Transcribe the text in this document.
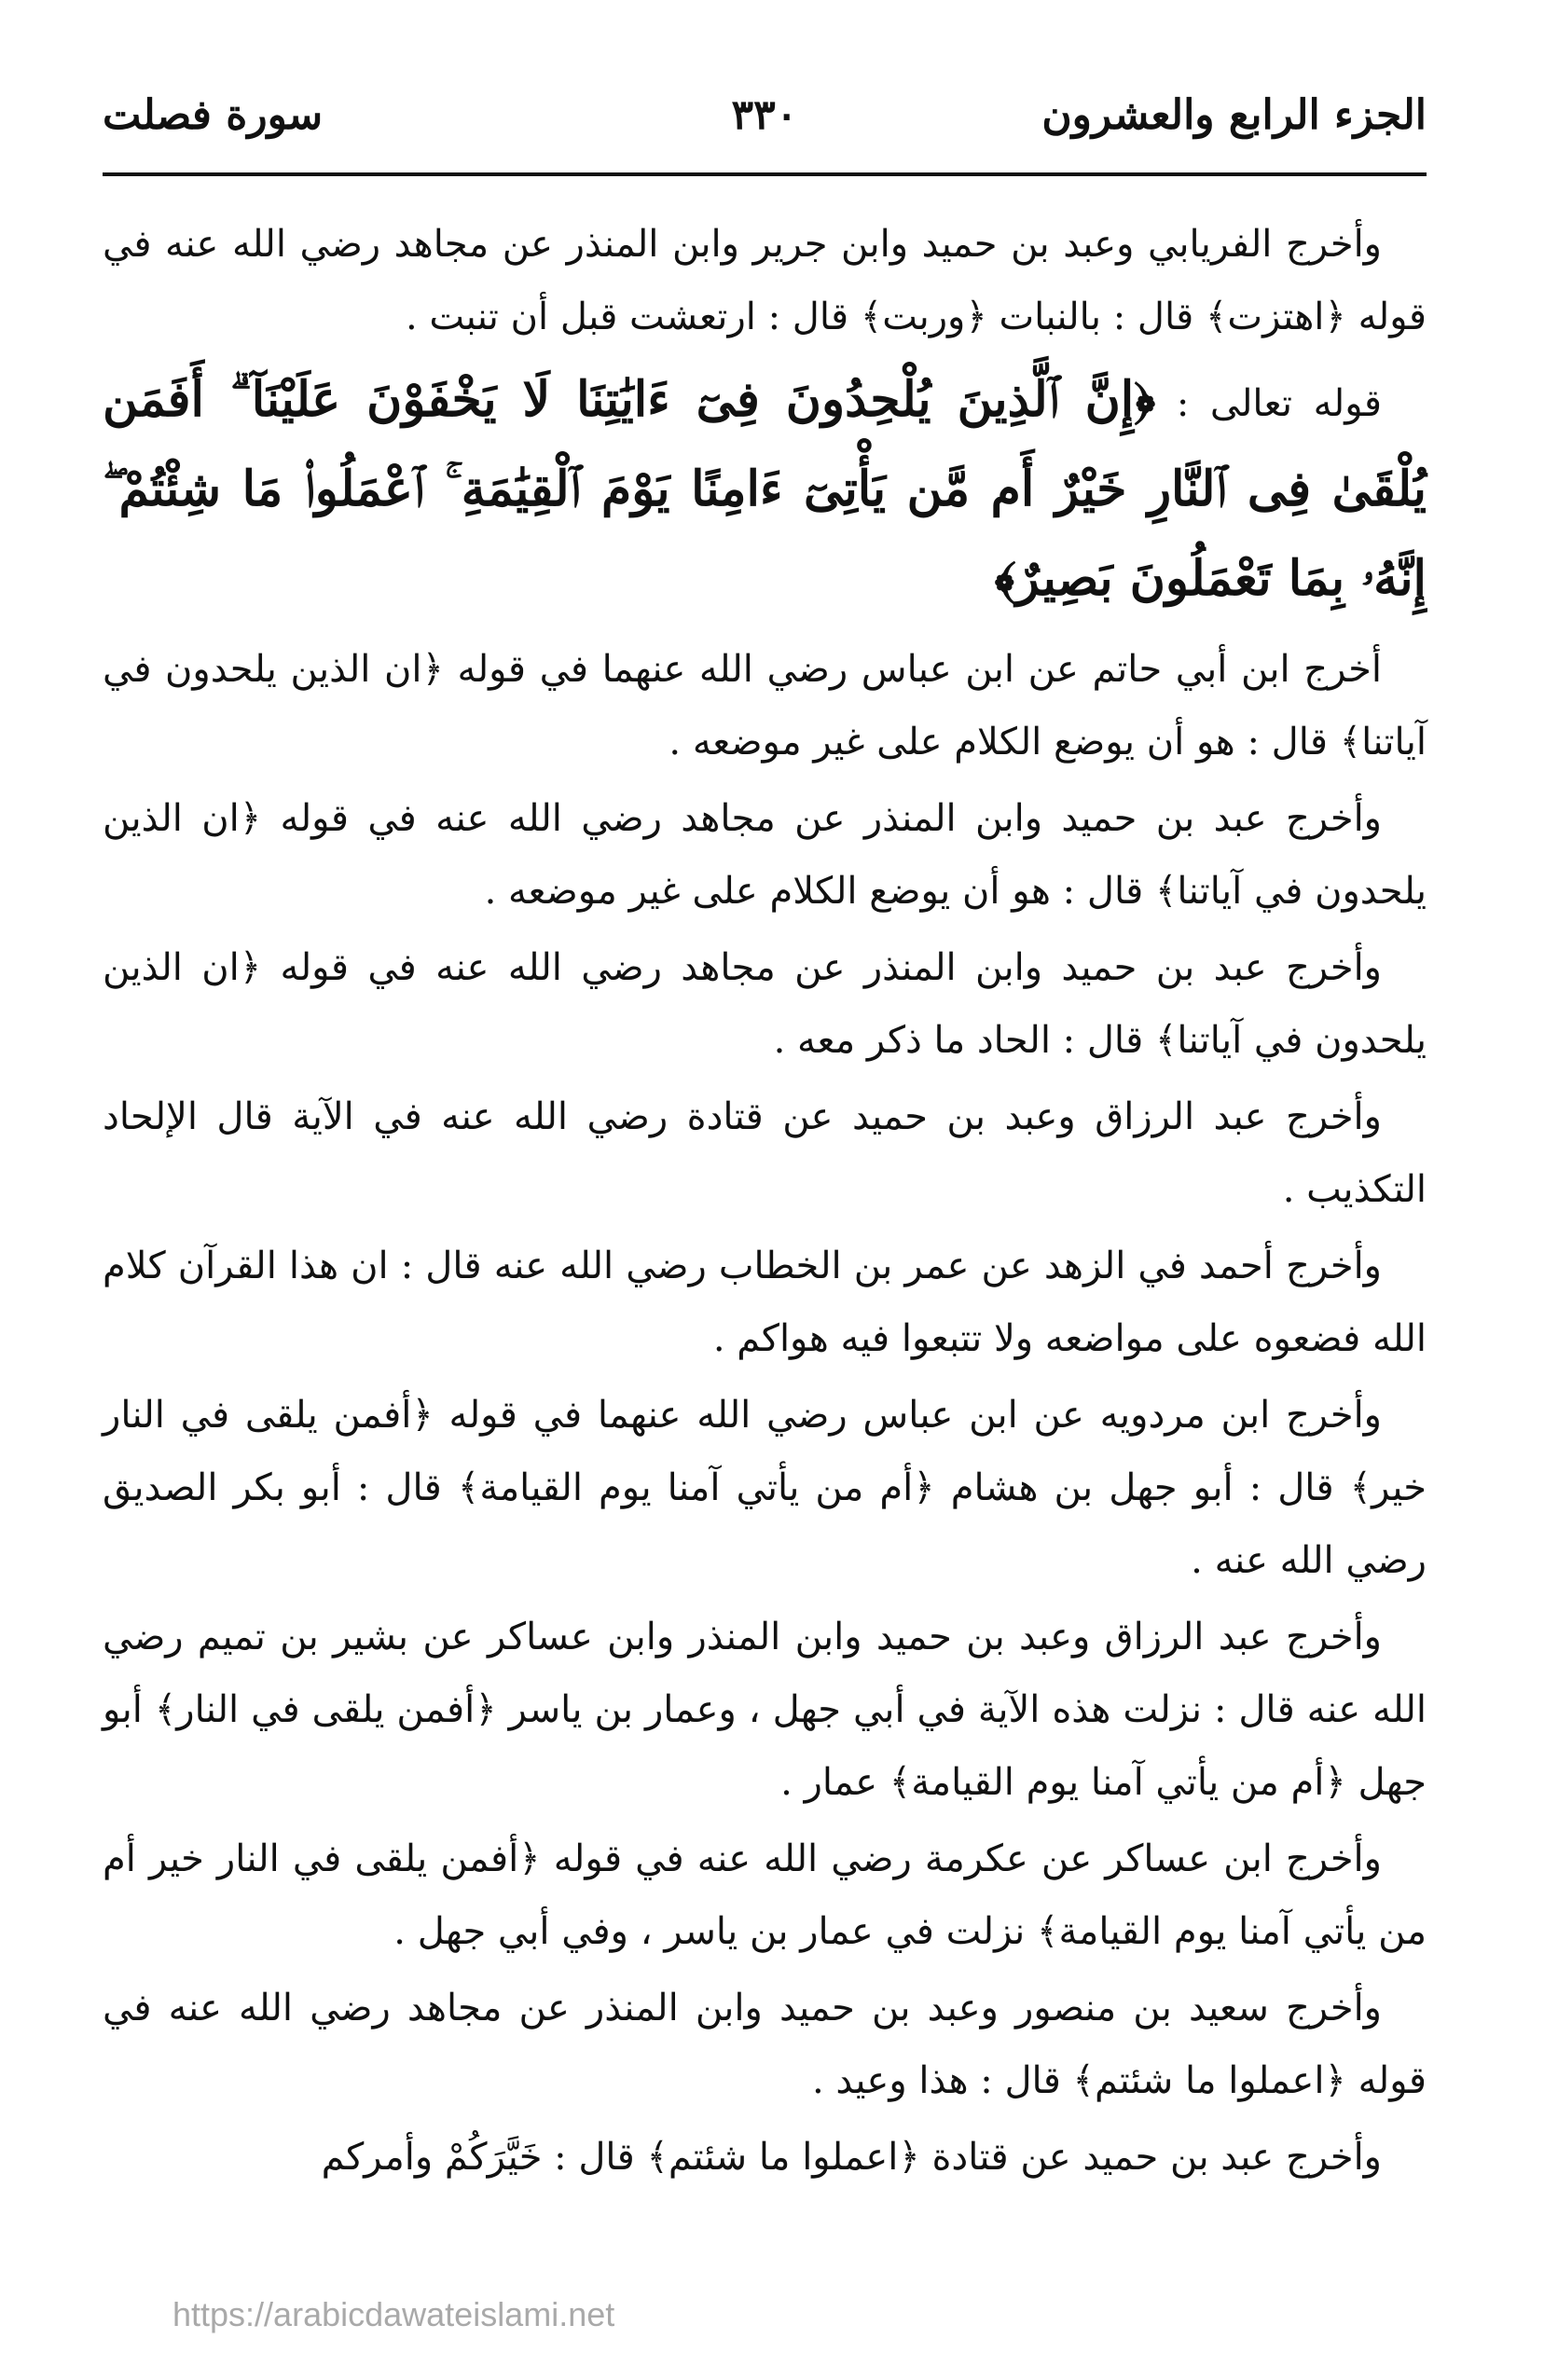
الجزء الرابع والعشرون
٣٣٠
سورة فصلت

وأخرج الفريابي وعبد بن حميد وابن جرير وابن المنذر عن مجاهد رضي الله عنه في قوله ﴿اهتزت﴾ قال : بالنبات ﴿وربت﴾ قال : ارتعشت قبل أن تنبت .

قوله تعالى : ﴿إِنَّ ٱلَّذِينَ يُلْحِدُونَ فِىٓ ءَايَٰتِنَا لَا يَخْفَوْنَ عَلَيْنَآ ۗ أَفَمَن يُلْقَىٰ فِى ٱلنَّارِ خَيْرٌ أَم مَّن يَأْتِىٓ ءَامِنًا يَوْمَ ٱلْقِيَٰمَةِ ۚ ٱعْمَلُوا۟ مَا شِئْتُمْ ۖ إِنَّهُۥ بِمَا تَعْمَلُونَ بَصِيرٌ﴾

أخرج ابن أبي حاتم عن ابن عباس رضي الله عنهما في قوله ﴿ان الذين يلحدون في آياتنا﴾ قال : هو أن يوضع الكلام على غير موضعه .

وأخرج عبد بن حميد وابن المنذر عن مجاهد رضي الله عنه في قوله ﴿ان الذين يلحدون في آياتنا﴾ قال : هو أن يوضع الكلام على غير موضعه .

وأخرج عبد بن حميد وابن المنذر عن مجاهد رضي الله عنه في قوله ﴿ان الذين يلحدون في آياتنا﴾ قال : الحاد ما ذكر معه .

وأخرج عبد الرزاق وعبد بن حميد عن قتادة رضي الله عنه في الآية قال الإلحاد التكذيب .

وأخرج أحمد في الزهد عن عمر بن الخطاب رضي الله عنه قال : ان هذا القرآن كلام الله فضعوه على مواضعه ولا تتبعوا فيه هواكم .

وأخرج ابن مردويه عن ابن عباس رضي الله عنهما في قوله ﴿أفمن يلقى في النار خير﴾ قال : أبو جهل بن هشام ﴿أم من يأتي آمنا يوم القيامة﴾ قال : أبو بكر الصديق رضي الله عنه .

وأخرج عبد الرزاق وعبد بن حميد وابن المنذر وابن عساكر عن بشير بن تميم رضي الله عنه قال : نزلت هذه الآية في أبي جهل ، وعمار بن ياسر ﴿أفمن يلقى في النار﴾ أبو جهل ﴿أم من يأتي آمنا يوم القيامة﴾ عمار .

وأخرج ابن عساكر عن عكرمة رضي الله عنه في قوله ﴿أفمن يلقى في النار خير أم من يأتي آمنا يوم القيامة﴾ نزلت في عمار بن ياسر ، وفي أبي جهل .

وأخرج سعيد بن منصور وعبد بن حميد وابن المنذر عن مجاهد رضي الله عنه في قوله ﴿اعملوا ما شئتم﴾ قال : هذا وعيد .

وأخرج عبد بن حميد عن قتادة ﴿اعملوا ما شئتم﴾ قال : خَيَّرَكُمْ وأمركم

https://arabicdawateislami.net
